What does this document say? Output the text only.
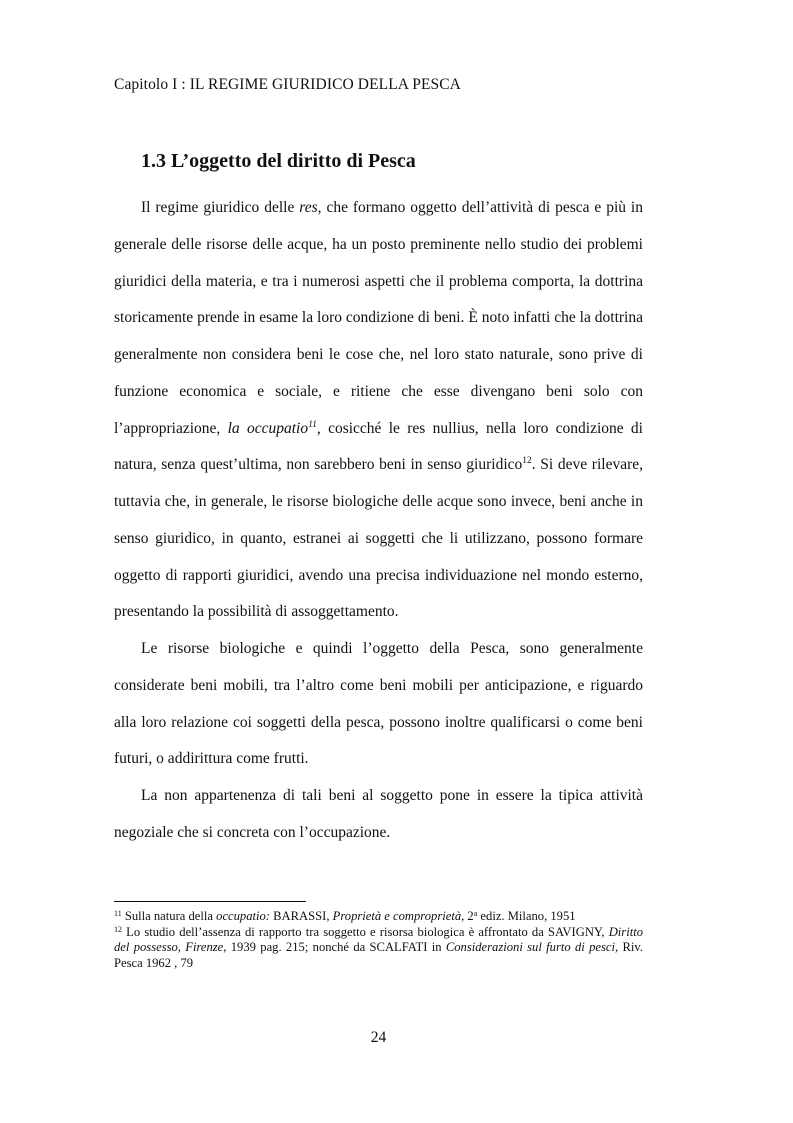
Capitolo I : IL REGIME GIURIDICO DELLA PESCA
1.3 L’oggetto del diritto di Pesca

Il regime giuridico delle res, che formano oggetto dell’attività di pesca e più in generale delle risorse delle acque, ha un posto preminente nello studio dei problemi giuridici della materia, e tra i numerosi aspetti che il problema comporta, la dottrina storicamente prende in esame la loro condizione di beni. È noto infatti che la dottrina generalmente non considera beni le cose che, nel loro stato naturale, sono prive di funzione economica e sociale, e ritiene che esse divengano beni solo con l’appropriazione, la occupatio$^{11}$, cosicché le res nullius, nella loro condizione di natura, senza quest’ultima, non sarebbero beni in senso giuridico$^{12}$. Si deve rilevare, tuttavia che, in generale, le risorse biologiche delle acque sono invece, beni anche in senso giuridico, in quanto, estranei ai soggetti che li utilizzano, possono formare oggetto di rapporti giuridici, avendo una precisa individuazione nel mondo esterno, presentando la possibilità di assoggettamento.

Le risorse biologiche e quindi l’oggetto della Pesca, sono generalmente considerate beni mobili, tra l’altro come beni mobili per anticipazione, e riguardo alla loro relazione coi soggetti della pesca, possono inoltre qualificarsi o come beni futuri, o addirittura come frutti.

La non appartenenza di tali beni al soggetto pone in essere la tipica attività negoziale che si concreta con l’occupazione.

$^{11}$ Sulla natura della occupatio: BARASSI, Proprietà e comproprietà, 2$^a$ ediz. Milano, 1951

$^{12}$ Lo studio dell’assenza di rapporto tra soggetto e risorsa biologica è affrontato da SAVIGNY, Diritto del possesso, Firenze, 1939 pag. 215; nonché da SCALFATI in Considerazioni sul furto di pesci, Riv. Pesca 1962 , 79

24
